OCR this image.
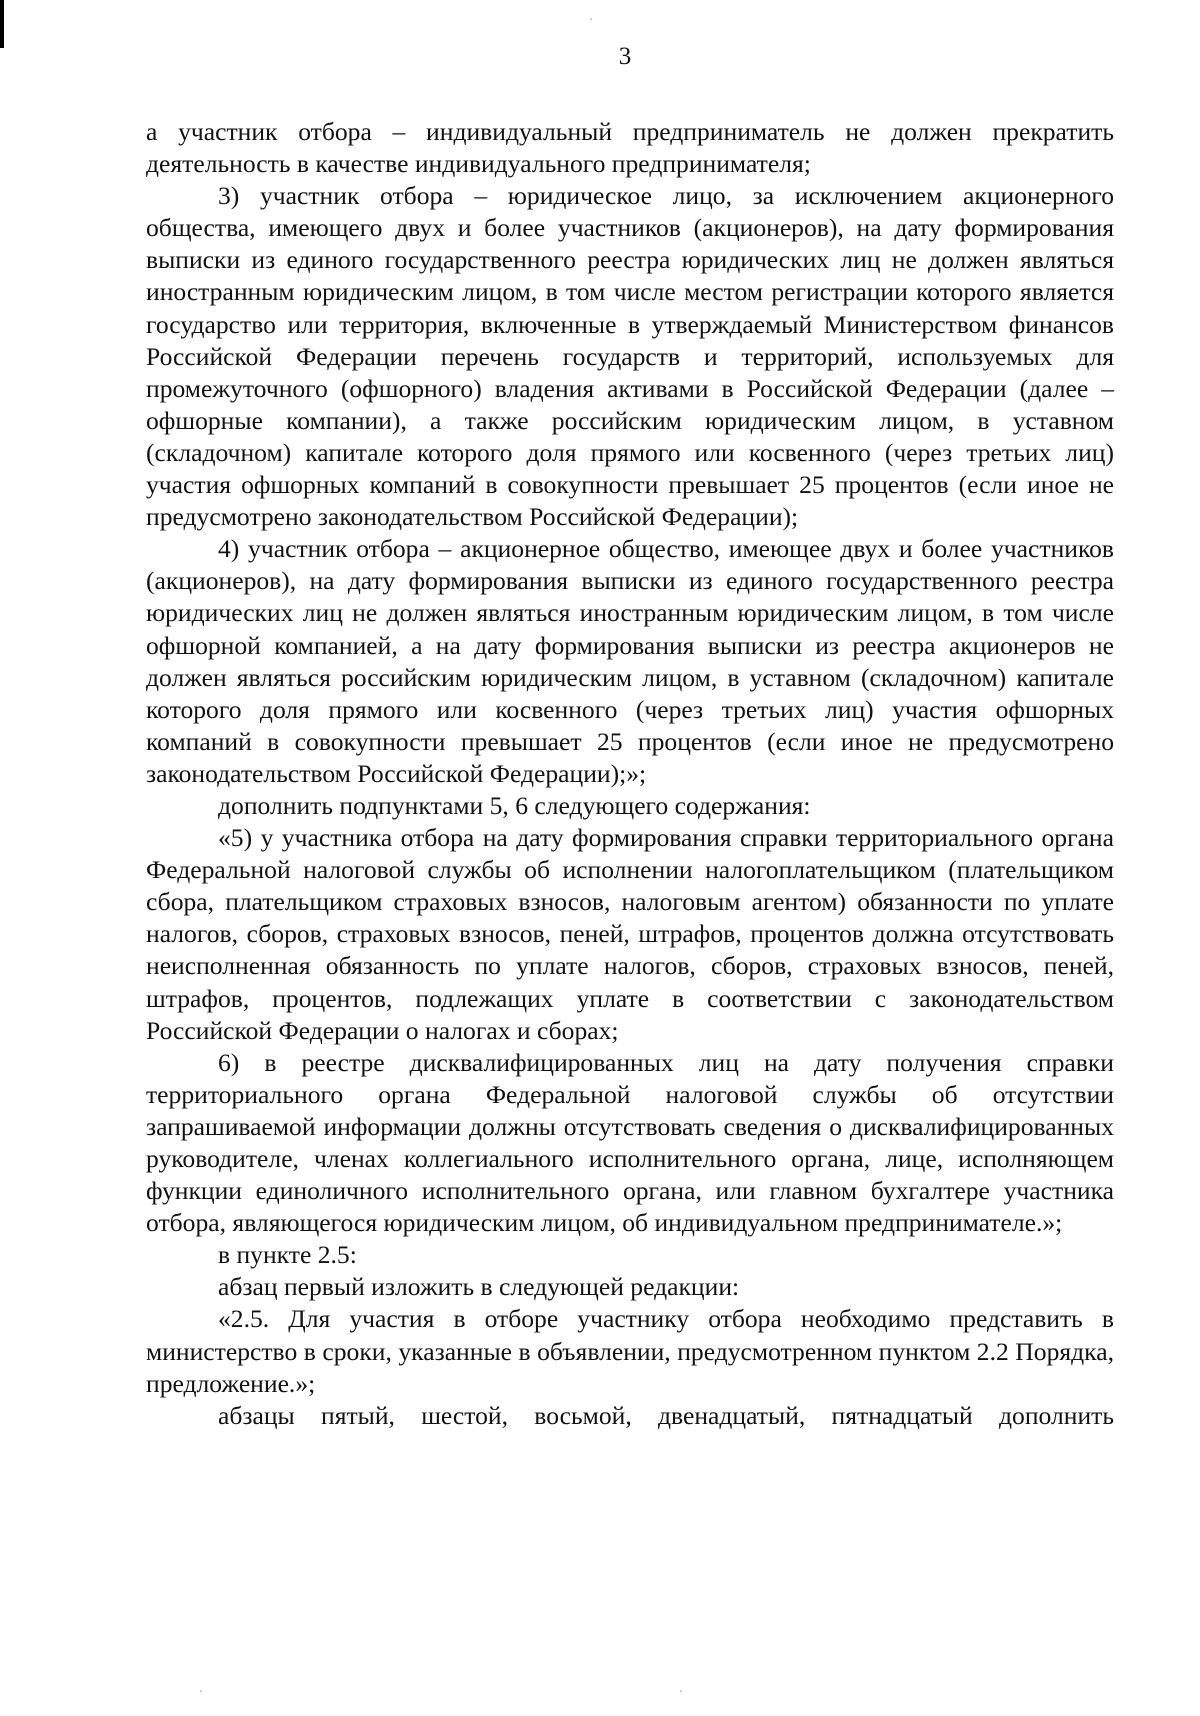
3

а участник отбора – индивидуальный предприниматель не должен прекратить деятельность в качестве индивидуального предпринимателя;

3) участник отбора – юридическое лицо, за исключением акционерного общества, имеющего двух и более участников (акционеров), на дату формирования выписки из единого государственного реестра юридических лиц не должен являться иностранным юридическим лицом, в том числе местом регистрации которого является государство или территория, включенные в утверждаемый Министерством финансов Российской Федерации перечень государств и территорий, используемых для промежуточного (офшорного) владения активами в Российской Федерации (далее – офшорные компании), а также российским юридическим лицом, в уставном (складочном) капитале которого доля прямого или косвенного (через третьих лиц) участия офшорных компаний в совокупности превышает 25 процентов (если иное не предусмотрено законодательством Российской Федерации);

4) участник отбора – акционерное общество, имеющее двух и более участников (акционеров), на дату формирования выписки из единого государственного реестра юридических лиц не должен являться иностранным юридическим лицом, в том числе офшорной компанией, а на дату формирования выписки из реестра акционеров не должен являться российским юридическим лицом, в уставном (складочном) капитале которого доля прямого или косвенного (через третьих лиц) участия офшорных компаний в совокупности превышает 25 процентов (если иное не предусмотрено законодательством Российской Федерации);»;

дополнить подпунктами 5, 6 следующего содержания:

«5) у участника отбора на дату формирования справки территориального органа Федеральной налоговой службы об исполнении налогоплательщиком (плательщиком сбора, плательщиком страховых взносов, налоговым агентом) обязанности по уплате налогов, сборов, страховых взносов, пеней, штрафов, процентов должна отсутствовать неисполненная обязанность по уплате налогов, сборов, страховых взносов, пеней, штрафов, процентов, подлежащих уплате в соответствии с законодательством Российской Федерации о налогах и сборах;

6) в реестре дисквалифицированных лиц на дату получения справки территориального органа Федеральной налоговой службы об отсутствии запрашиваемой информации должны отсутствовать сведения о дисквалифицированных руководителе, членах коллегиального исполнительного органа, лице, исполняющем функции единоличного исполнительного органа, или главном бухгалтере участника отбора, являющегося юридическим лицом, об индивидуальном предпринимателе.»;

в пункте 2.5:

абзац первый изложить в следующей редакции:

«2.5. Для участия в отборе участнику отбора необходимо представить в министерство в сроки, указанные в объявлении, предусмотренном пунктом 2.2 Порядка, предложение.»;

абзацы пятый, шестой, восьмой, двенадцатый, пятнадцатый дополнить
